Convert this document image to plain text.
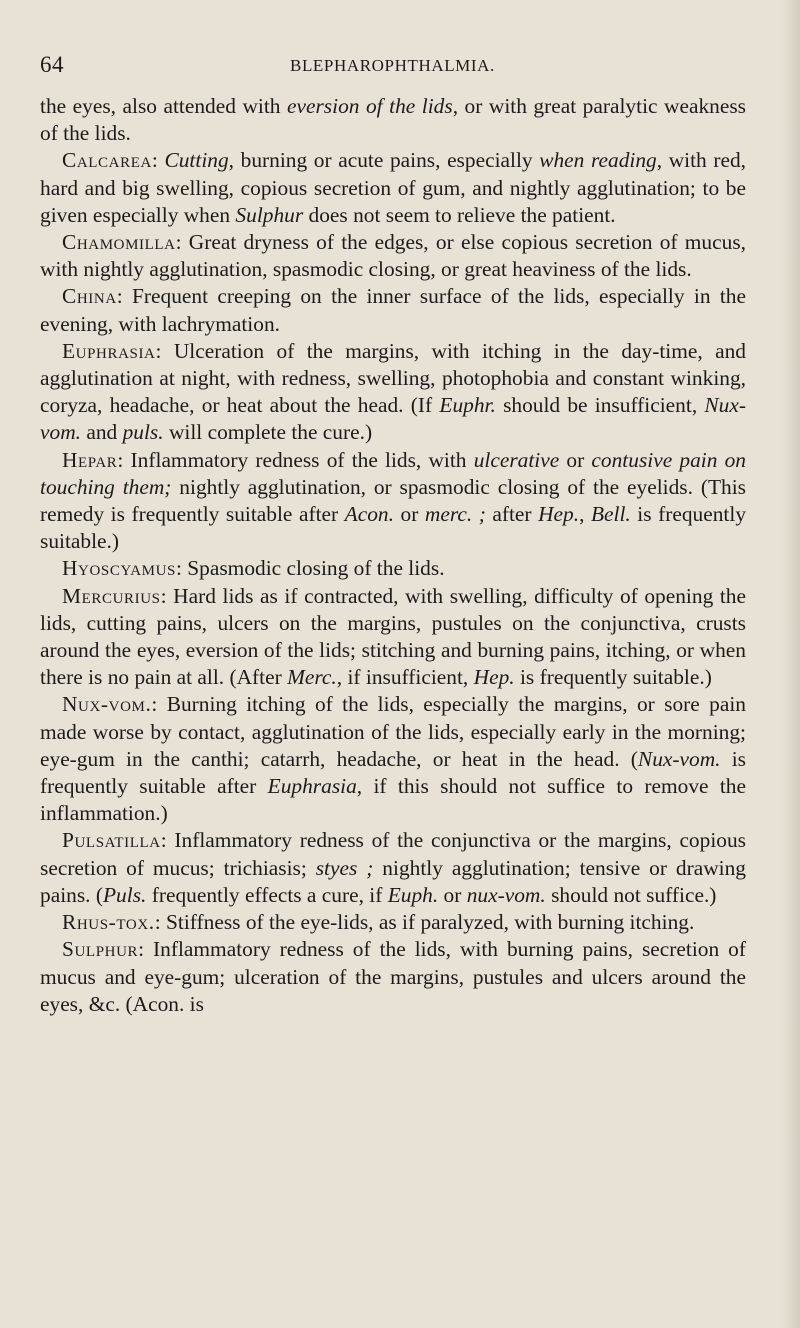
64	BLEPHAROPHTHALMIA.

the eyes, also attended with eversion of the lids, or with great paralytic weakness of the lids.

Calcarea: Cutting, burning or acute pains, especially when reading, with red, hard and big swelling, copious secretion of gum, and nightly agglutination; to be given especially when Sulphur does not seem to relieve the patient.

Chamomilla: Great dryness of the edges, or else copious secretion of mucus, with nightly agglutination, spasmodic closing, or great heaviness of the lids.

China: Frequent creeping on the inner surface of the lids, especially in the evening, with lachrymation.

Euphrasia: Ulceration of the margins, with itching in the day-time, and agglutination at night, with redness, swelling, photophobia and constant winking, coryza, headache, or heat about the head. (If Euphr. should be insufficient, Nux-vom. and puls. will complete the cure.)

Hepar: Inflammatory redness of the lids, with ulcerative or contusive pain on touching them; nightly agglutination, or spasmodic closing of the eyelids. (This remedy is frequently suitable after Acon. or merc. ; after Hep., Bell. is frequently suitable.)

Hyoscyamus: Spasmodic closing of the lids.

Mercurius: Hard lids as if contracted, with swelling, difficulty of opening the lids, cutting pains, ulcers on the margins, pustules on the conjunctiva, crusts around the eyes, eversion of the lids; stitching and burning pains, itching, or when there is no pain at all. (After Merc., if insufficient, Hep. is frequently suitable.)

Nux-vom.: Burning itching of the lids, especially the margins, or sore pain made worse by contact, agglutination of the lids, especially early in the morning; eye-gum in the canthi; catarrh, headache, or heat in the head. (Nux-vom. is frequently suitable after Euphrasia, if this should not suffice to remove the inflammation.)

Pulsatilla: Inflammatory redness of the conjunctiva or the margins, copious secretion of mucus; trichiasis; styes ; nightly agglutination; tensive or drawing pains. (Puls. frequently effects a cure, if Euph. or nux-vom. should not suffice.)

Rhus-tox.: Stiffness of the eye-lids, as if paralyzed, with burning itching.

Sulphur: Inflammatory redness of the lids, with burning pains, secretion of mucus and eye-gum; ulceration of the margins, pustules and ulcers around the eyes, &c. (Acon. is
